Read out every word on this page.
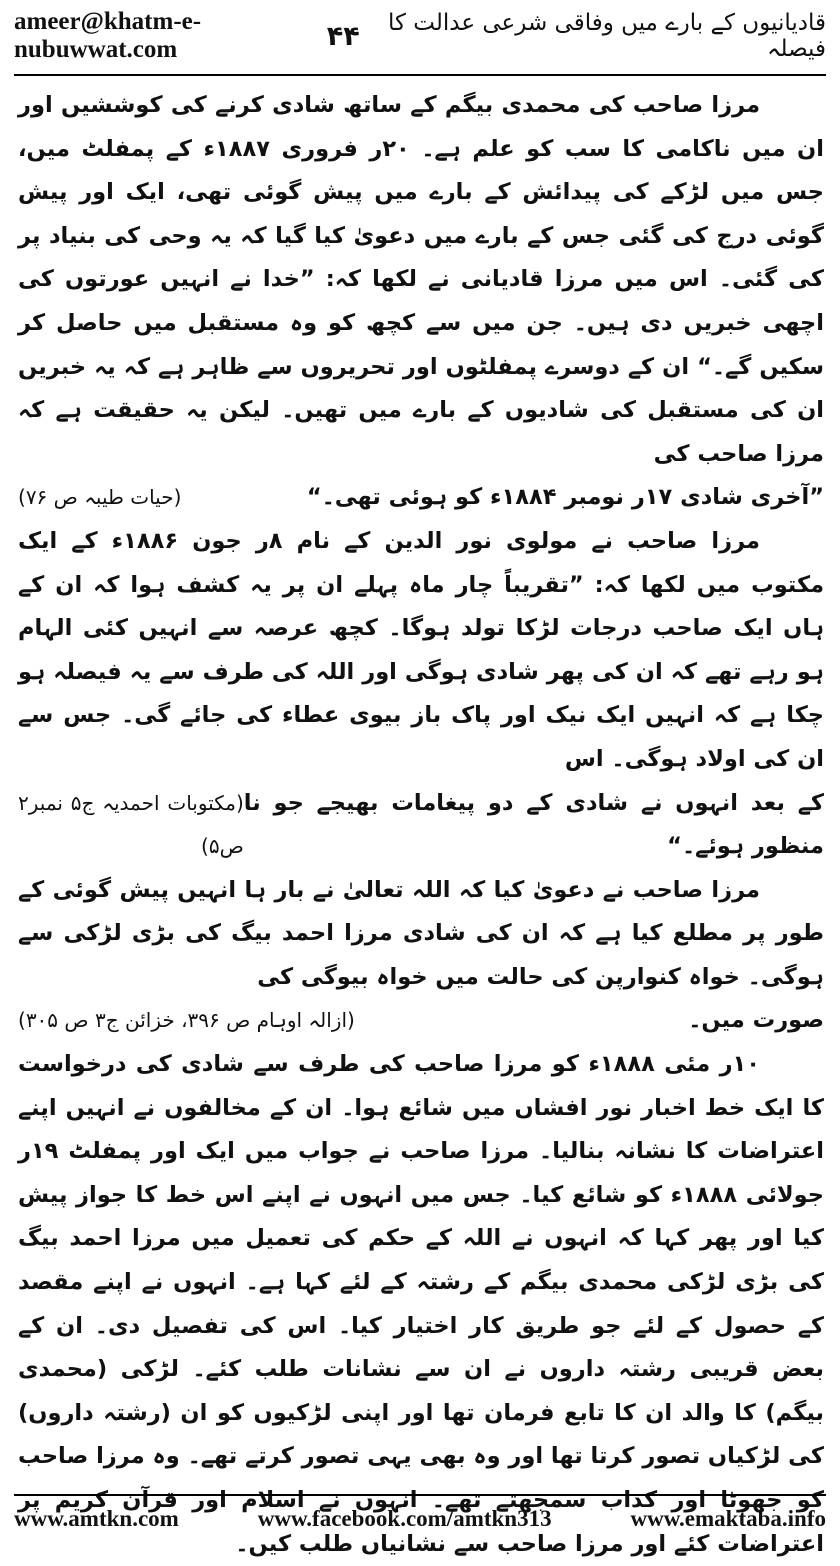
ameer@khatm-e-nubuwwat.com
قادیانیوں کے بارے میں وفاقی شرعی عدالت کا فیصلہ
۴۴

مرزا صاحب کی محمدی بیگم کے ساتھ شادی کرنے کی کوششیں اور ان میں ناکامی کا سب کو علم ہے۔ ۲۰ر فروری ۱۸۸۷ء کے پمفلٹ میں، جس میں لڑکے کی پیدائش کے بارے میں پیش گوئی تھی، ایک اور پیش گوئی درج کی گئی جس کے بارے میں دعویٰ کیا گیا کہ یہ وحی کی بنیاد پر کی گئی۔ اس میں مرزا قادیانی نے لکھا کہ: ”خدا نے انہیں عورتوں کی اچھی خبریں دی ہیں۔ جن میں سے کچھ کو وہ مستقبل میں حاصل کر سکیں گے۔“ ان کے دوسرے پمفلٹوں اور تحریروں سے ظاہر ہے کہ یہ خبریں ان کی مستقبل کی شادیوں کے بارے میں تھیں۔ لیکن یہ حقیقت ہے کہ مرزا صاحب کی

”آخری شادی ۱۷ر نومبر ۱۸۸۴ء کو ہوئی تھی۔“
(حیات طیبہ ص ۷۶)

مرزا صاحب نے مولوی نور الدین کے نام ۸ر جون ۱۸۸۶ء کے ایک مکتوب میں لکھا کہ: ”تقریباً چار ماہ پہلے ان پر یہ کشف ہوا کہ ان کے ہاں ایک صاحب درجات لڑکا تولد ہوگا۔ کچھ عرصہ سے انہیں کئی الہام ہو رہے تھے کہ ان کی پھر شادی ہوگی اور اللہ کی طرف سے یہ فیصلہ ہو چکا ہے کہ انہیں ایک نیک اور پاک باز بیوی عطاء کی جائے گی۔ جس سے ان کی اولاد ہوگی۔ اس

کے بعد انہوں نے شادی کے دو پیغامات بھیجے جو نا منظور ہوئے۔“
(مکتوبات احمدیہ ج۵ نمبر۲ ص۵)

مرزا صاحب نے دعویٰ کیا کہ اللہ تعالیٰ نے بار ہا انہیں پیش گوئی کے طور پر مطلع کیا ہے کہ ان کی شادی مرزا احمد بیگ کی بڑی لڑکی سے ہوگی۔ خواہ کنوارپن کی حالت میں خواہ بیوگی کی

صورت میں۔
(ازالہ اوہام ص ۳۹۶، خزائن ج۳ ص ۳۰۵)

۱۰ر مئی ۱۸۸۸ء کو مرزا صاحب کی طرف سے شادی کی درخواست کا ایک خط اخبار نور افشاں میں شائع ہوا۔ ان کے مخالفوں نے انہیں اپنے اعتراضات کا نشانہ بنالیا۔ مرزا صاحب نے جواب میں ایک اور پمفلٹ ۱۹ر جولائی ۱۸۸۸ء کو شائع کیا۔ جس میں انہوں نے اپنے اس خط کا جواز پیش کیا اور پھر کہا کہ انہوں نے اللہ کے حکم کی تعمیل میں مرزا احمد بیگ کی بڑی لڑکی محمدی بیگم کے رشتہ کے لئے کہا ہے۔ انہوں نے اپنے مقصد کے حصول کے لئے جو طریق کار اختیار کیا۔ اس کی تفصیل دی۔ ان کے بعض قریبی رشتہ داروں نے ان سے نشانات طلب کئے۔ لڑکی (محمدی بیگم) کا والد ان کا تابع فرمان تھا اور اپنی لڑکیوں کو ان (رشتہ داروں) کی لڑکیاں تصور کرتا تھا اور وہ بھی یہی تصور کرتے تھے۔ وہ مرزا صاحب کو جھوٹا اور کذاب سمجھتے تھے۔ انہوں نے اسلام اور قرآن کریم پر اعتراضات کئے اور مرزا صاحب سے نشانیاں طلب کیں۔

www.amtkn.com	www.facebook.com/amtkn313	www.emaktaba.info
